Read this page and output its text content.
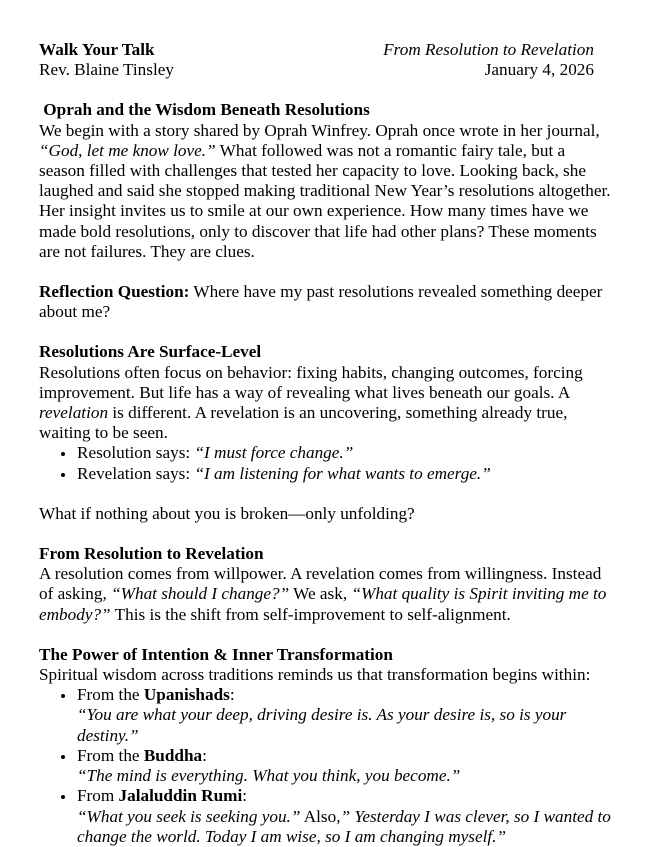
Walk Your Talk	From Resolution to Revelation
Rev. Blaine Tinsley	January 4, 2026

Oprah and the Wisdom Beneath Resolutions

We begin with a story shared by Oprah Winfrey. Oprah once wrote in her journal, “God, let me know love.” What followed was not a romantic fairy tale, but a season filled with challenges that tested her capacity to love. Looking back, she laughed and said she stopped making traditional New Year’s resolutions altogether. Her insight invites us to smile at our own experience. How many times have we made bold resolutions, only to discover that life had other plans? These moments are not failures. They are clues.

Reflection Question: Where have my past resolutions revealed something deeper about me?

Resolutions Are Surface-Level

Resolutions often focus on behavior: fixing habits, changing outcomes, forcing improvement. But life has a way of revealing what lives beneath our goals. A revelation is different. A revelation is an uncovering, something already true, waiting to be seen.

Resolution says: “I must force change.”
Revelation says: “I am listening for what wants to emerge.”

What if nothing about you is broken—only unfolding?

From Resolution to Revelation

A resolution comes from willpower. A revelation comes from willingness. Instead of asking, “What should I change?” We ask, “What quality is Spirit inviting me to embody?” This is the shift from self-improvement to self-alignment.

The Power of Intention & Inner Transformation

Spiritual wisdom across traditions reminds us that transformation begins within:

From the Upanishads:
“You are what your deep, driving desire is. As your desire is, so is your destiny.”
From the Buddha:
“The mind is everything. What you think, you become.”
From Jalaluddin Rumi:
“What you seek is seeking you.” Also,” Yesterday I was clever, so I wanted to change the world. Today I am wise, so I am changing myself.”
